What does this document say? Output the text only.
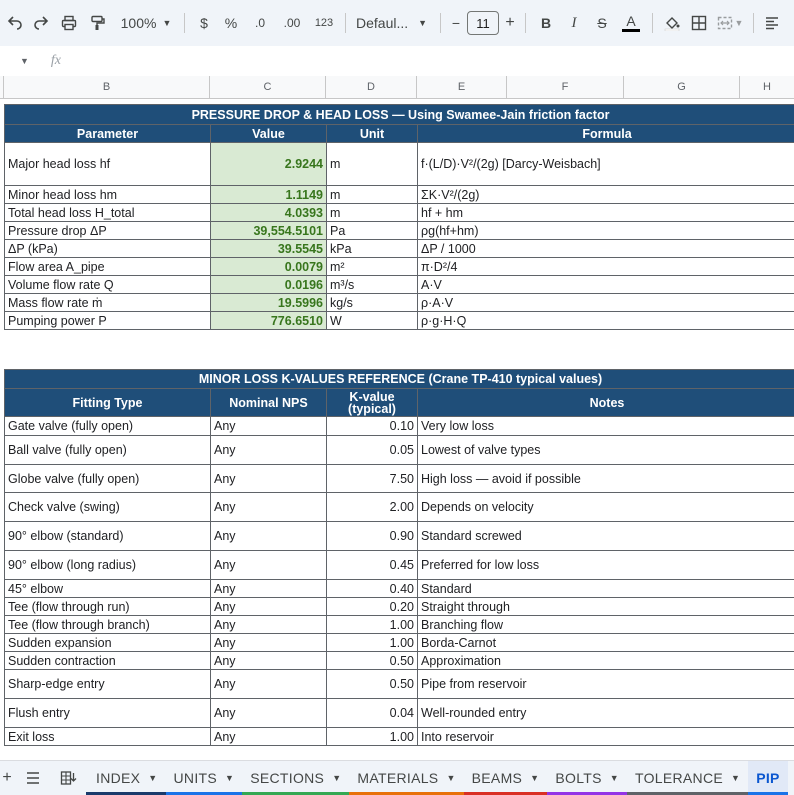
100% ▼ $ % .0 .00 123 Defaul... ▼ − 11 + B I S A	▼
▼ fx
B	C	D	E	F	G	H
PRESSURE DROP & HEAD LOSS — Using Swamee-Jain friction factor			
Parameter	Value	Unit	Formula
Major head loss hf	2.9244	m	f·(L/D)·V²/(2g) [Darcy-Weisbach]
Minor head loss hm	1.1149	m	ΣK·V²/(2g)
Total head loss H_total	4.0393	m	hf + hm
Pressure drop ΔP	39,554.5101	Pa	ρg(hf+hm)
ΔP (kPa)	39.5545	kPa	ΔP / 1000
Flow area A_pipe	0.0079	m²	π·D²/4
Volume flow rate Q	0.0196	m³/s	A·V
Mass flow rate ṁ	19.5996	kg/s	ρ·A·V
Pumping power P	776.6510	W	ρ·g·H·Q
MINOR LOSS K-VALUES REFERENCE (Crane TP-410 typical values)			
Fitting Type	Nominal NPS	K-value (typical)	Notes
Gate valve (fully open)	Any	0.10	Very low loss
Ball valve (fully open)	Any	0.05	Lowest of valve types
Globe valve (fully open)	Any	7.50	High loss — avoid if possible
Check valve (swing)	Any	2.00	Depends on velocity
90° elbow (standard)	Any	0.90	Standard screwed
90° elbow (long radius)	Any	0.45	Preferred for low loss
45° elbow	Any	0.40	Standard
Tee (flow through run)	Any	0.20	Straight through
Tee (flow through branch)	Any	1.00	Branching flow
Sudden expansion	Any	1.00	Borda-Carnot
Sudden contraction	Any	0.50	Approximation
Sharp-edge entry	Any	0.50	Pipe from reservoir
Flush entry	Any	0.04	Well-rounded entry
Exit loss	Any	1.00	Into reservoir
+	INDEX ▼ UNITS ▼ SECTIONS ▼ MATERIALS ▼ BEAMS ▼ BOLTS ▼ TOLERANCE ▼ PIP
